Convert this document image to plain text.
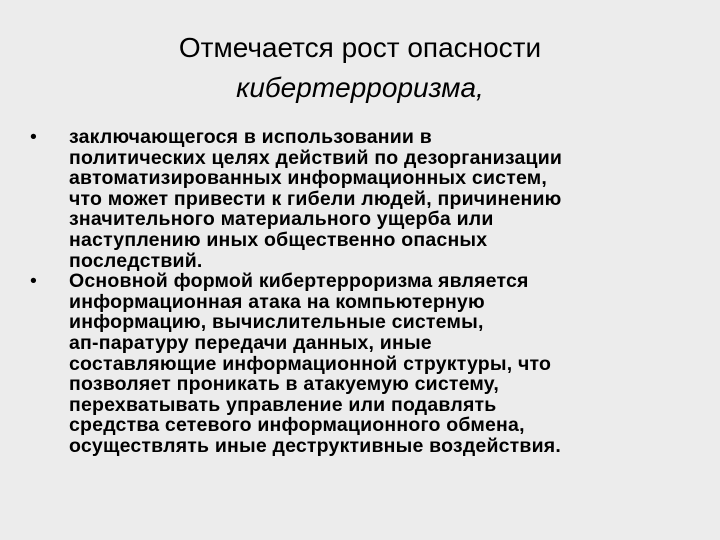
Отмечается рост опасности
кибертерроризма,
• заключающегося в использовании в
политических целях действий по дезорганизации
автоматизированных информационных систем,
что может привести к гибели людей, причинению
значительного материального ущерба или
наступлению иных общественно опасных
последствий.
• Основной формой кибертерроризма является
информационная атака на компьютерную
информацию, вычислительные системы,
ап-паратуру передачи данных, иные
составляющие информационной структуры, что
позволяет проникать в атакуемую систему,
перехватывать управление или подавлять
средства сетевого информационного обмена,
осуществлять иные деструктивные воздействия.
